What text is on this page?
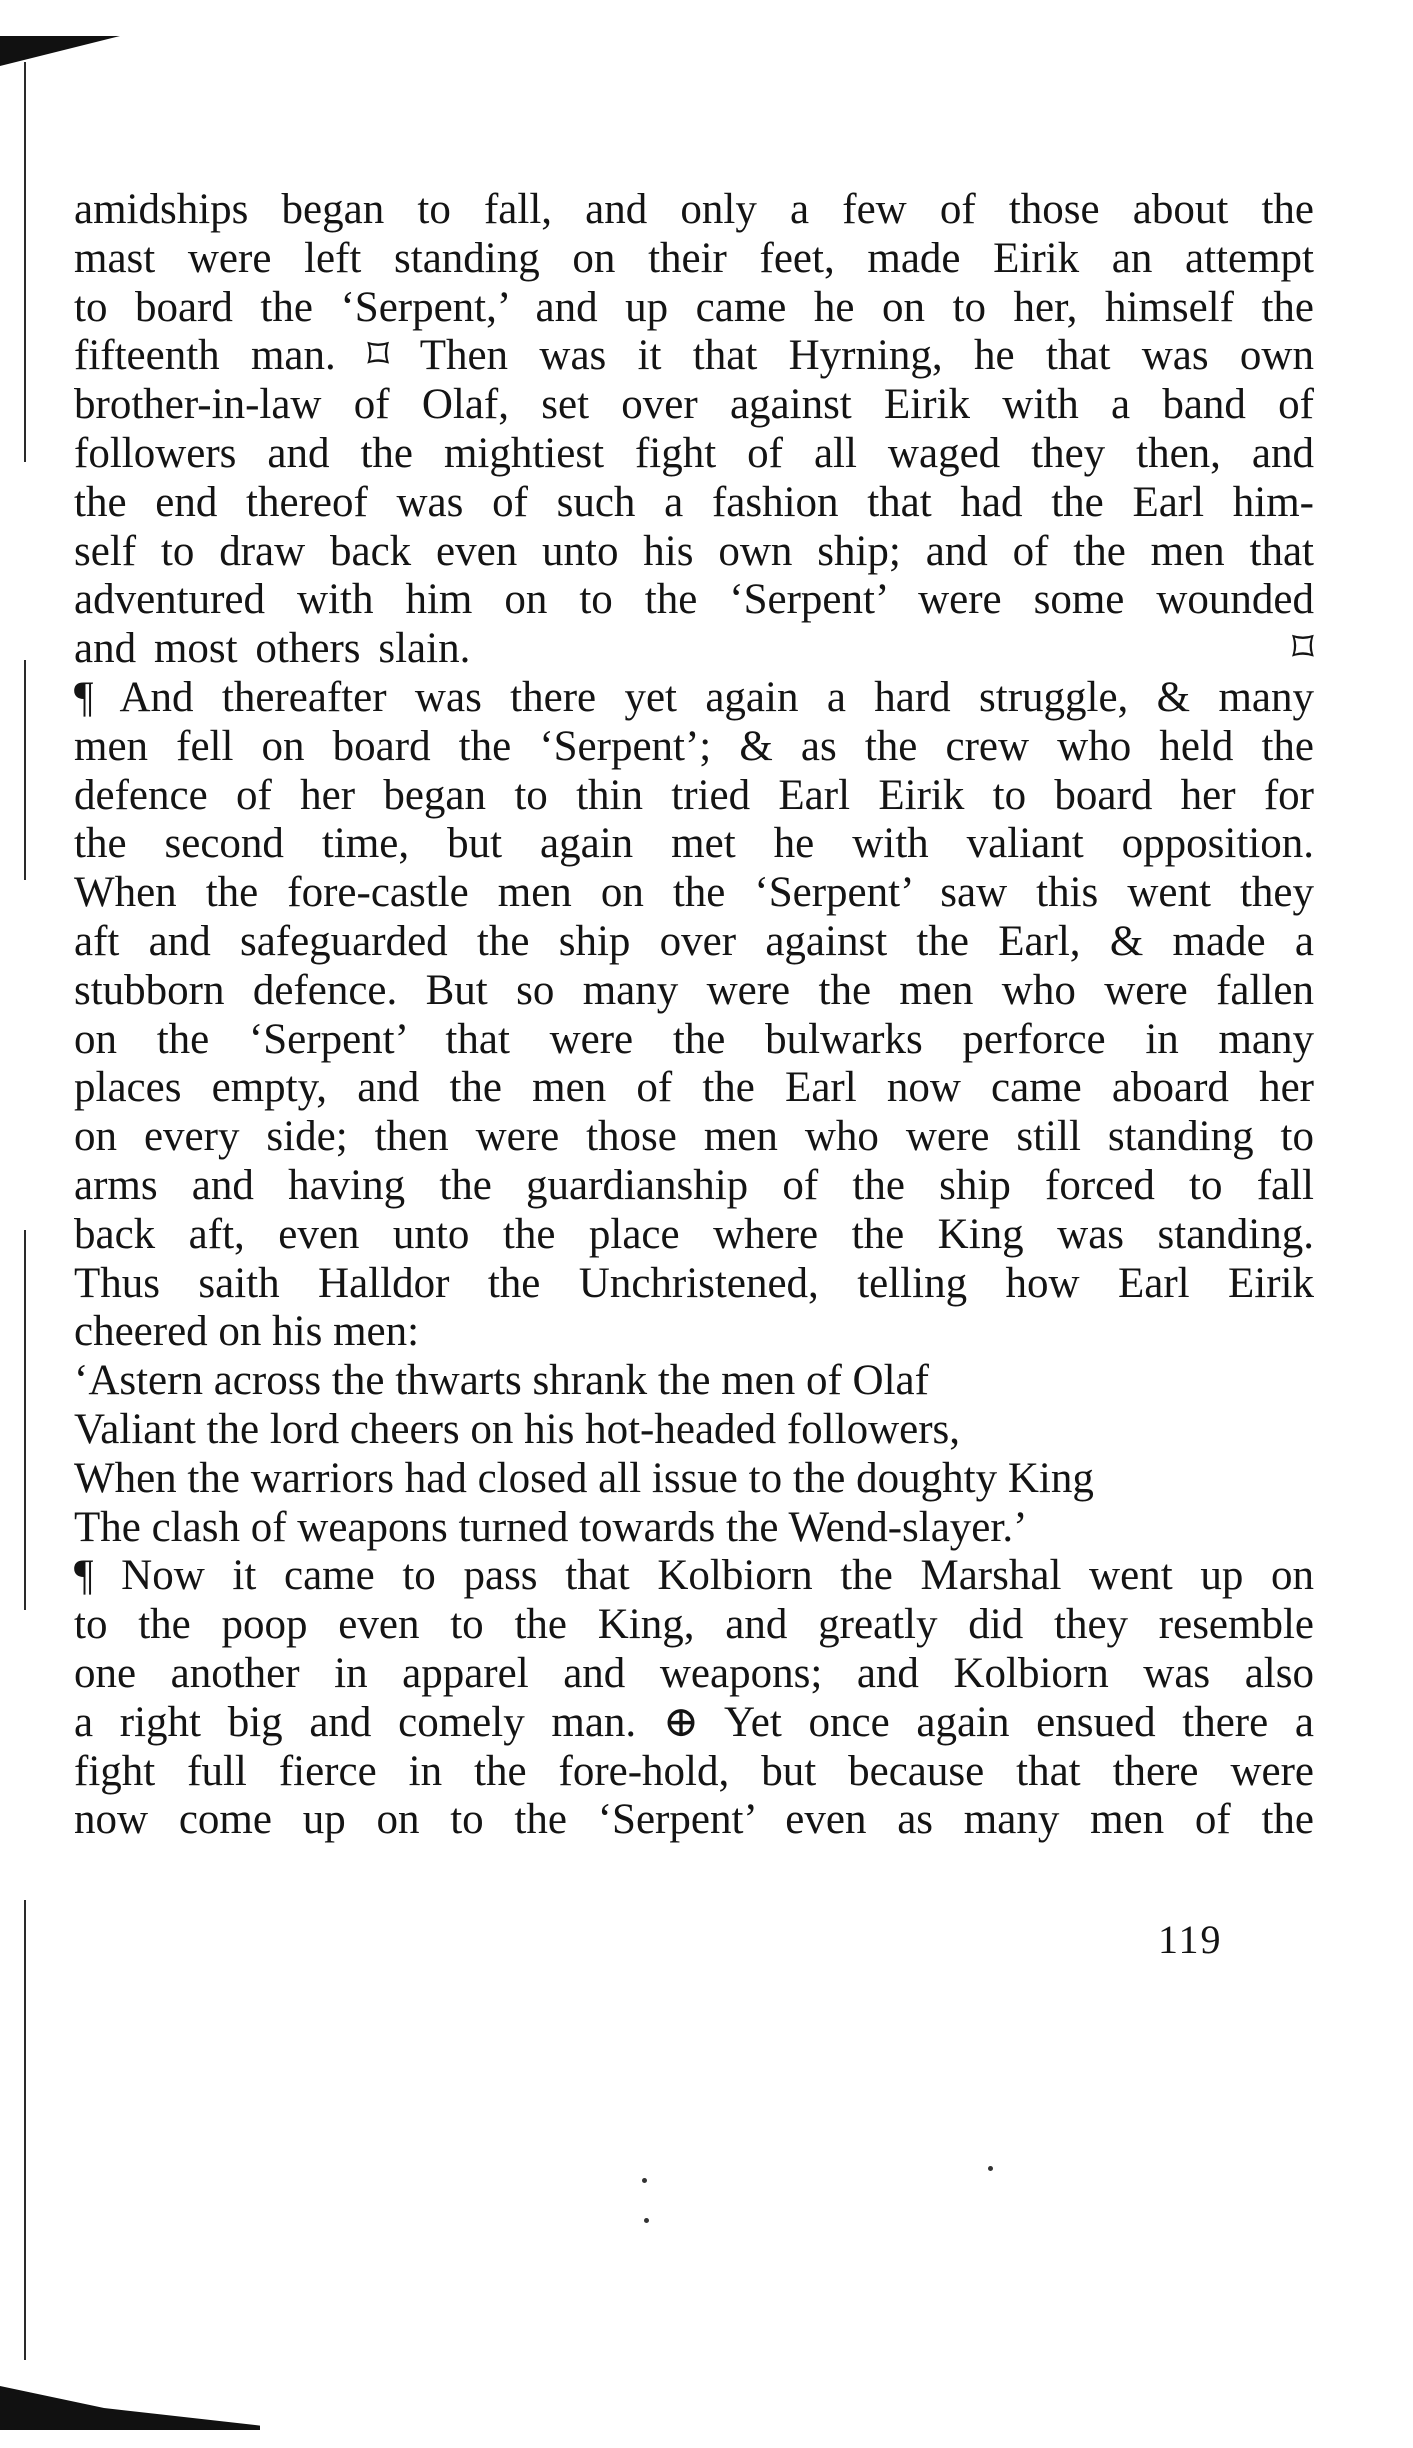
amidships began to fall, and only a few of those about the
mast were left standing on their feet, made Eirik an attempt
to board the ‘Serpent,’ and up came he on to her, himself the
fifteenth man. ⌑ Then was it that Hyrning, he that was own
brother-in-law of Olaf, set over against Eirik with a band of
followers and the mightiest fight of all waged they then, and
the end thereof was of such a fashion that had the Earl him-
self to draw back even unto his own ship; and of the men that
adventured with him on to the ‘Serpent’ were some wounded
and most others slain.                                              ⌑
¶ And thereafter was there yet again a hard struggle, & many
men fell on board the ‘Serpent’; & as the crew who held the
defence of her began to thin tried Earl Eirik to board her for
the second time, but again met he with valiant opposition.
When the fore-castle men on the ‘Serpent’ saw this went they
aft and safeguarded the ship over against the Earl, & made a
stubborn defence. But so many were the men who were fallen
on the ‘Serpent’ that were the bulwarks perforce in many
places empty, and the men of the Earl now came aboard her
on every side; then were those men who were still standing to
arms and having the guardianship of the ship forced to fall
back aft, even unto the place where the King was standing.
Thus saith Halldor the Unchristened, telling how Earl Eirik
cheered on his men:
‘Astern across the thwarts shrank the men of Olaf
Valiant the lord cheers on his hot-headed followers,
When the warriors had closed all issue to the doughty King
The clash of weapons turned towards the Wend-slayer.’
¶ Now it came to pass that Kolbiorn the Marshal went up on
to the poop even to the King, and greatly did they resemble
one another in apparel and weapons; and Kolbiorn was also
a right big and comely man. ⊕ Yet once again ensued there a
fight full fierce in the fore-hold, but because that there were
now come up on to the ‘Serpent’ even as many men of the
119
